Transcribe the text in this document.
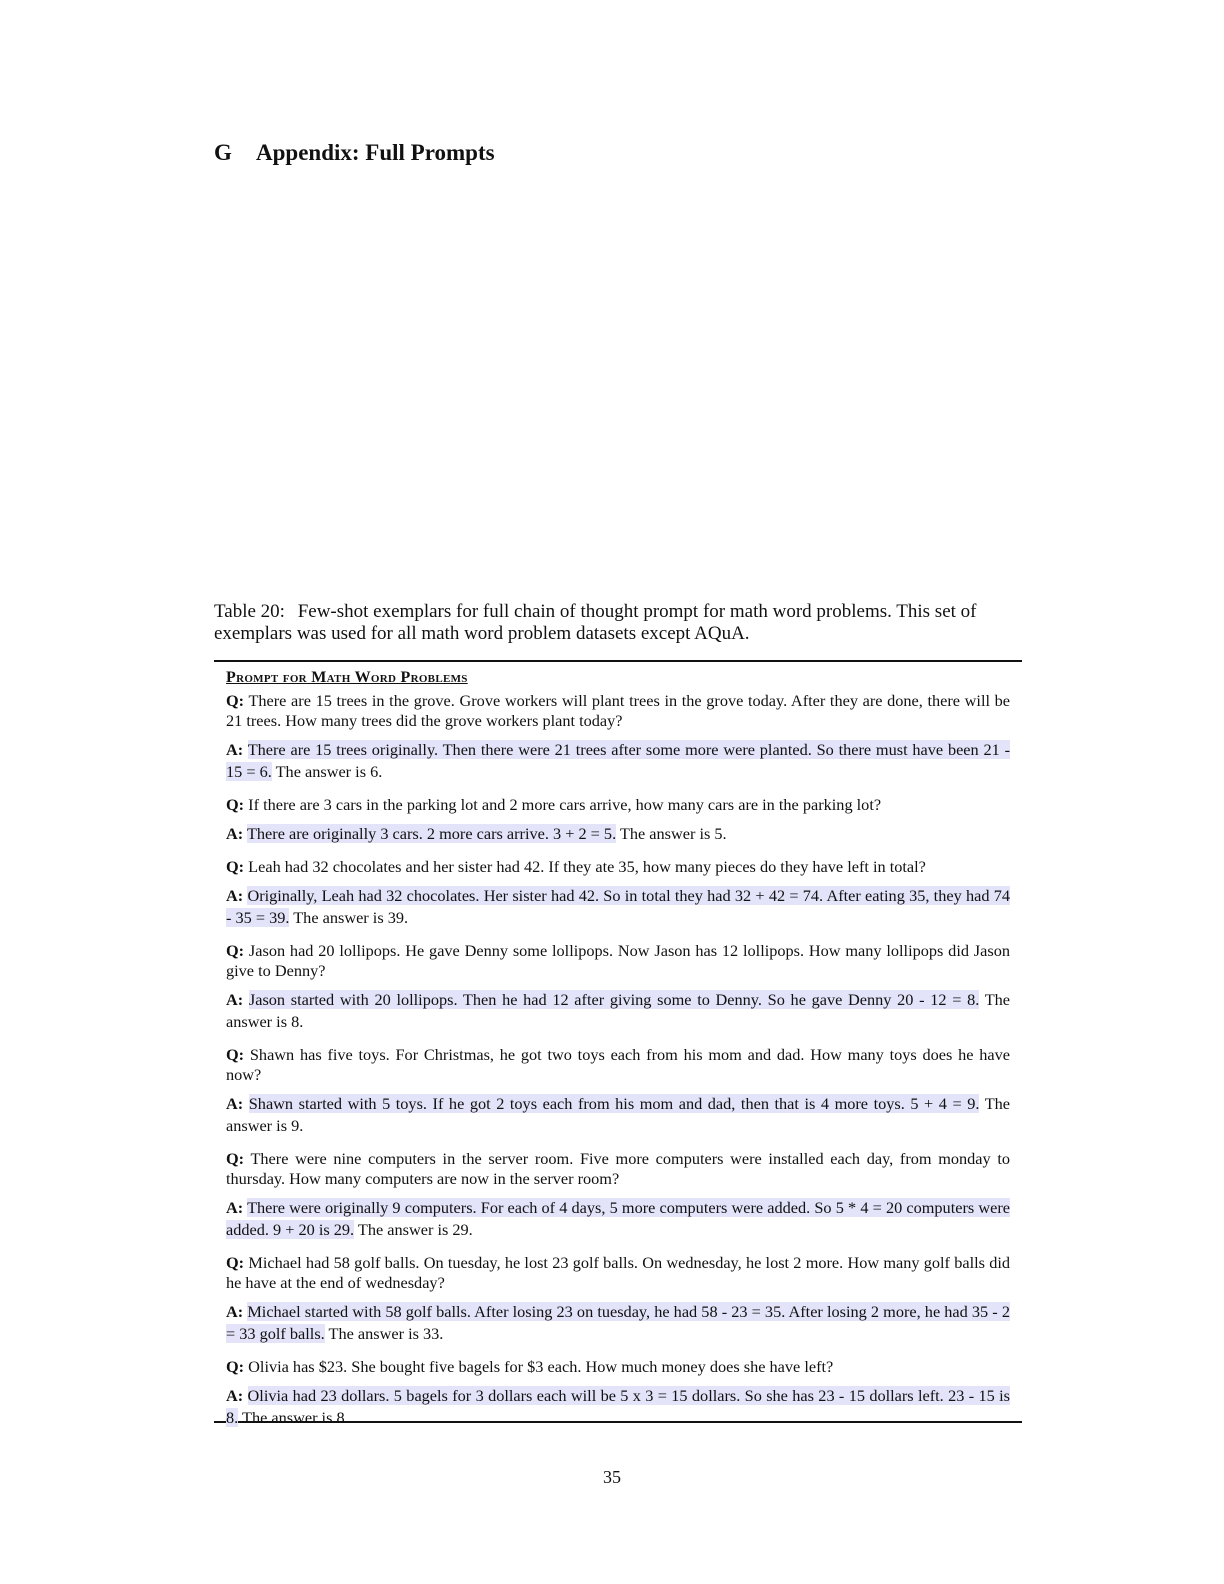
G Appendix: Full Prompts

Table 20: Few-shot exemplars for full chain of thought prompt for math word problems. This set of exemplars was used for all math word problem datasets except AQuA.

Prompt for Math Word Problems

Q: There are 15 trees in the grove. Grove workers will plant trees in the grove today. After they are done, there will be 21 trees. How many trees did the grove workers plant today?

A: There are 15 trees originally. Then there were 21 trees after some more were planted. So there must have been 21 - 15 = 6. The answer is 6.

Q: If there are 3 cars in the parking lot and 2 more cars arrive, how many cars are in the parking lot?

A: There are originally 3 cars. 2 more cars arrive. 3 + 2 = 5. The answer is 5.

Q: Leah had 32 chocolates and her sister had 42. If they ate 35, how many pieces do they have left in total?

A: Originally, Leah had 32 chocolates. Her sister had 42. So in total they had 32 + 42 = 74. After eating 35, they had 74 - 35 = 39. The answer is 39.

Q: Jason had 20 lollipops. He gave Denny some lollipops. Now Jason has 12 lollipops. How many lollipops did Jason give to Denny?

A: Jason started with 20 lollipops. Then he had 12 after giving some to Denny. So he gave Denny 20 - 12 = 8. The answer is 8.

Q: Shawn has five toys. For Christmas, he got two toys each from his mom and dad. How many toys does he have now?

A: Shawn started with 5 toys. If he got 2 toys each from his mom and dad, then that is 4 more toys. 5 + 4 = 9. The answer is 9.

Q: There were nine computers in the server room. Five more computers were installed each day, from monday to thursday. How many computers are now in the server room?

A: There were originally 9 computers. For each of 4 days, 5 more computers were added. So 5 * 4 = 20 computers were added. 9 + 20 is 29. The answer is 29.

Q: Michael had 58 golf balls. On tuesday, he lost 23 golf balls. On wednesday, he lost 2 more. How many golf balls did he have at the end of wednesday?

A: Michael started with 58 golf balls. After losing 23 on tuesday, he had 58 - 23 = 35. After losing 2 more, he had 35 - 2 = 33 golf balls. The answer is 33.

Q: Olivia has $23. She bought five bagels for $3 each. How much money does she have left?

A: Olivia had 23 dollars. 5 bagels for 3 dollars each will be 5 x 3 = 15 dollars. So she has 23 - 15 dollars left. 23 - 15 is 8. The answer is 8.

35
